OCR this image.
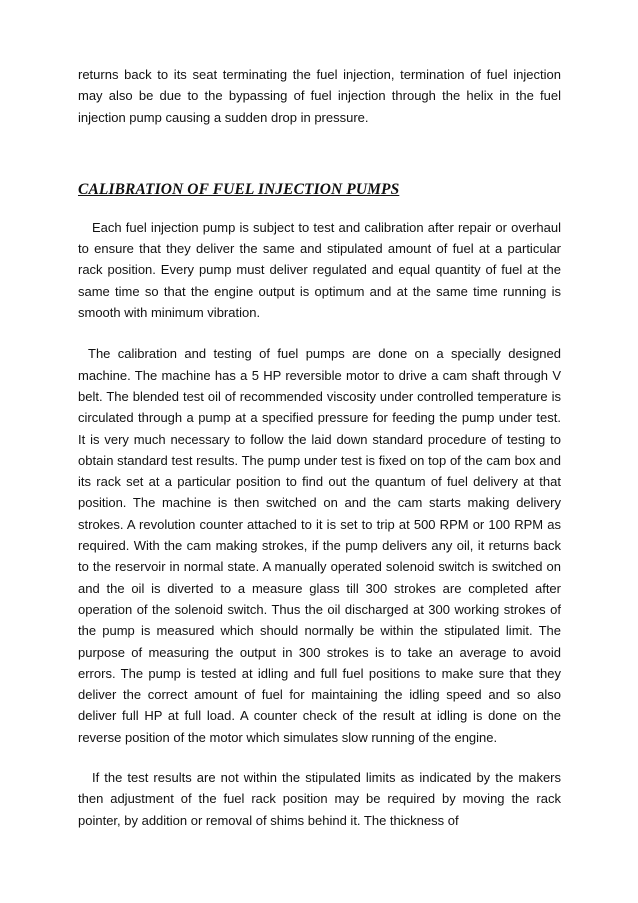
returns back to its seat terminating the fuel injection, termination of fuel injection may also be due to the bypassing of fuel injection through the helix in the fuel injection pump causing a sudden drop in pressure.

CALIBRATION OF FUEL INJECTION PUMPS

Each fuel injection pump is subject to test and calibration after repair or overhaul to ensure that they deliver the same and stipulated amount of fuel at a particular rack position. Every pump must deliver regulated and equal quantity of fuel at the same time so that the engine output is optimum and at the same time running is smooth with minimum vibration.

The calibration and testing of fuel pumps are done on a specially designed machine. The machine has a 5 HP reversible motor to drive a cam shaft through V belt. The blended test oil of recommended viscosity under controlled temperature is circulated through a pump at a specified pressure for feeding the pump under test. It is very much necessary to follow the laid down standard procedure of testing to obtain standard test results. The pump under test is fixed on top of the cam box and its rack set at a particular position to find out the quantum of fuel delivery at that position. The machine is then switched on and the cam starts making delivery strokes. A revolution counter attached to it is set to trip at 500 RPM or 100 RPM as required. With the cam making strokes, if the pump delivers any oil, it returns back to the reservoir in normal state. A manually operated solenoid switch is switched on and the oil is diverted to a measure glass till 300 strokes are completed after operation of the solenoid switch. Thus the oil discharged at 300 working strokes of the pump is measured which should normally be within the stipulated limit. The purpose of measuring the output in 300 strokes is to take an average to avoid errors. The pump is tested at idling and full fuel positions to make sure that they deliver the correct amount of fuel for maintaining the idling speed and so also deliver full HP at full load. A counter check of the result at idling is done on the reverse position of the motor which simulates slow running of the engine.

If the test results are not within the stipulated limits as indicated by the makers then adjustment of the fuel rack position may be required by moving the rack pointer, by addition or removal of shims behind it. The thickness of
